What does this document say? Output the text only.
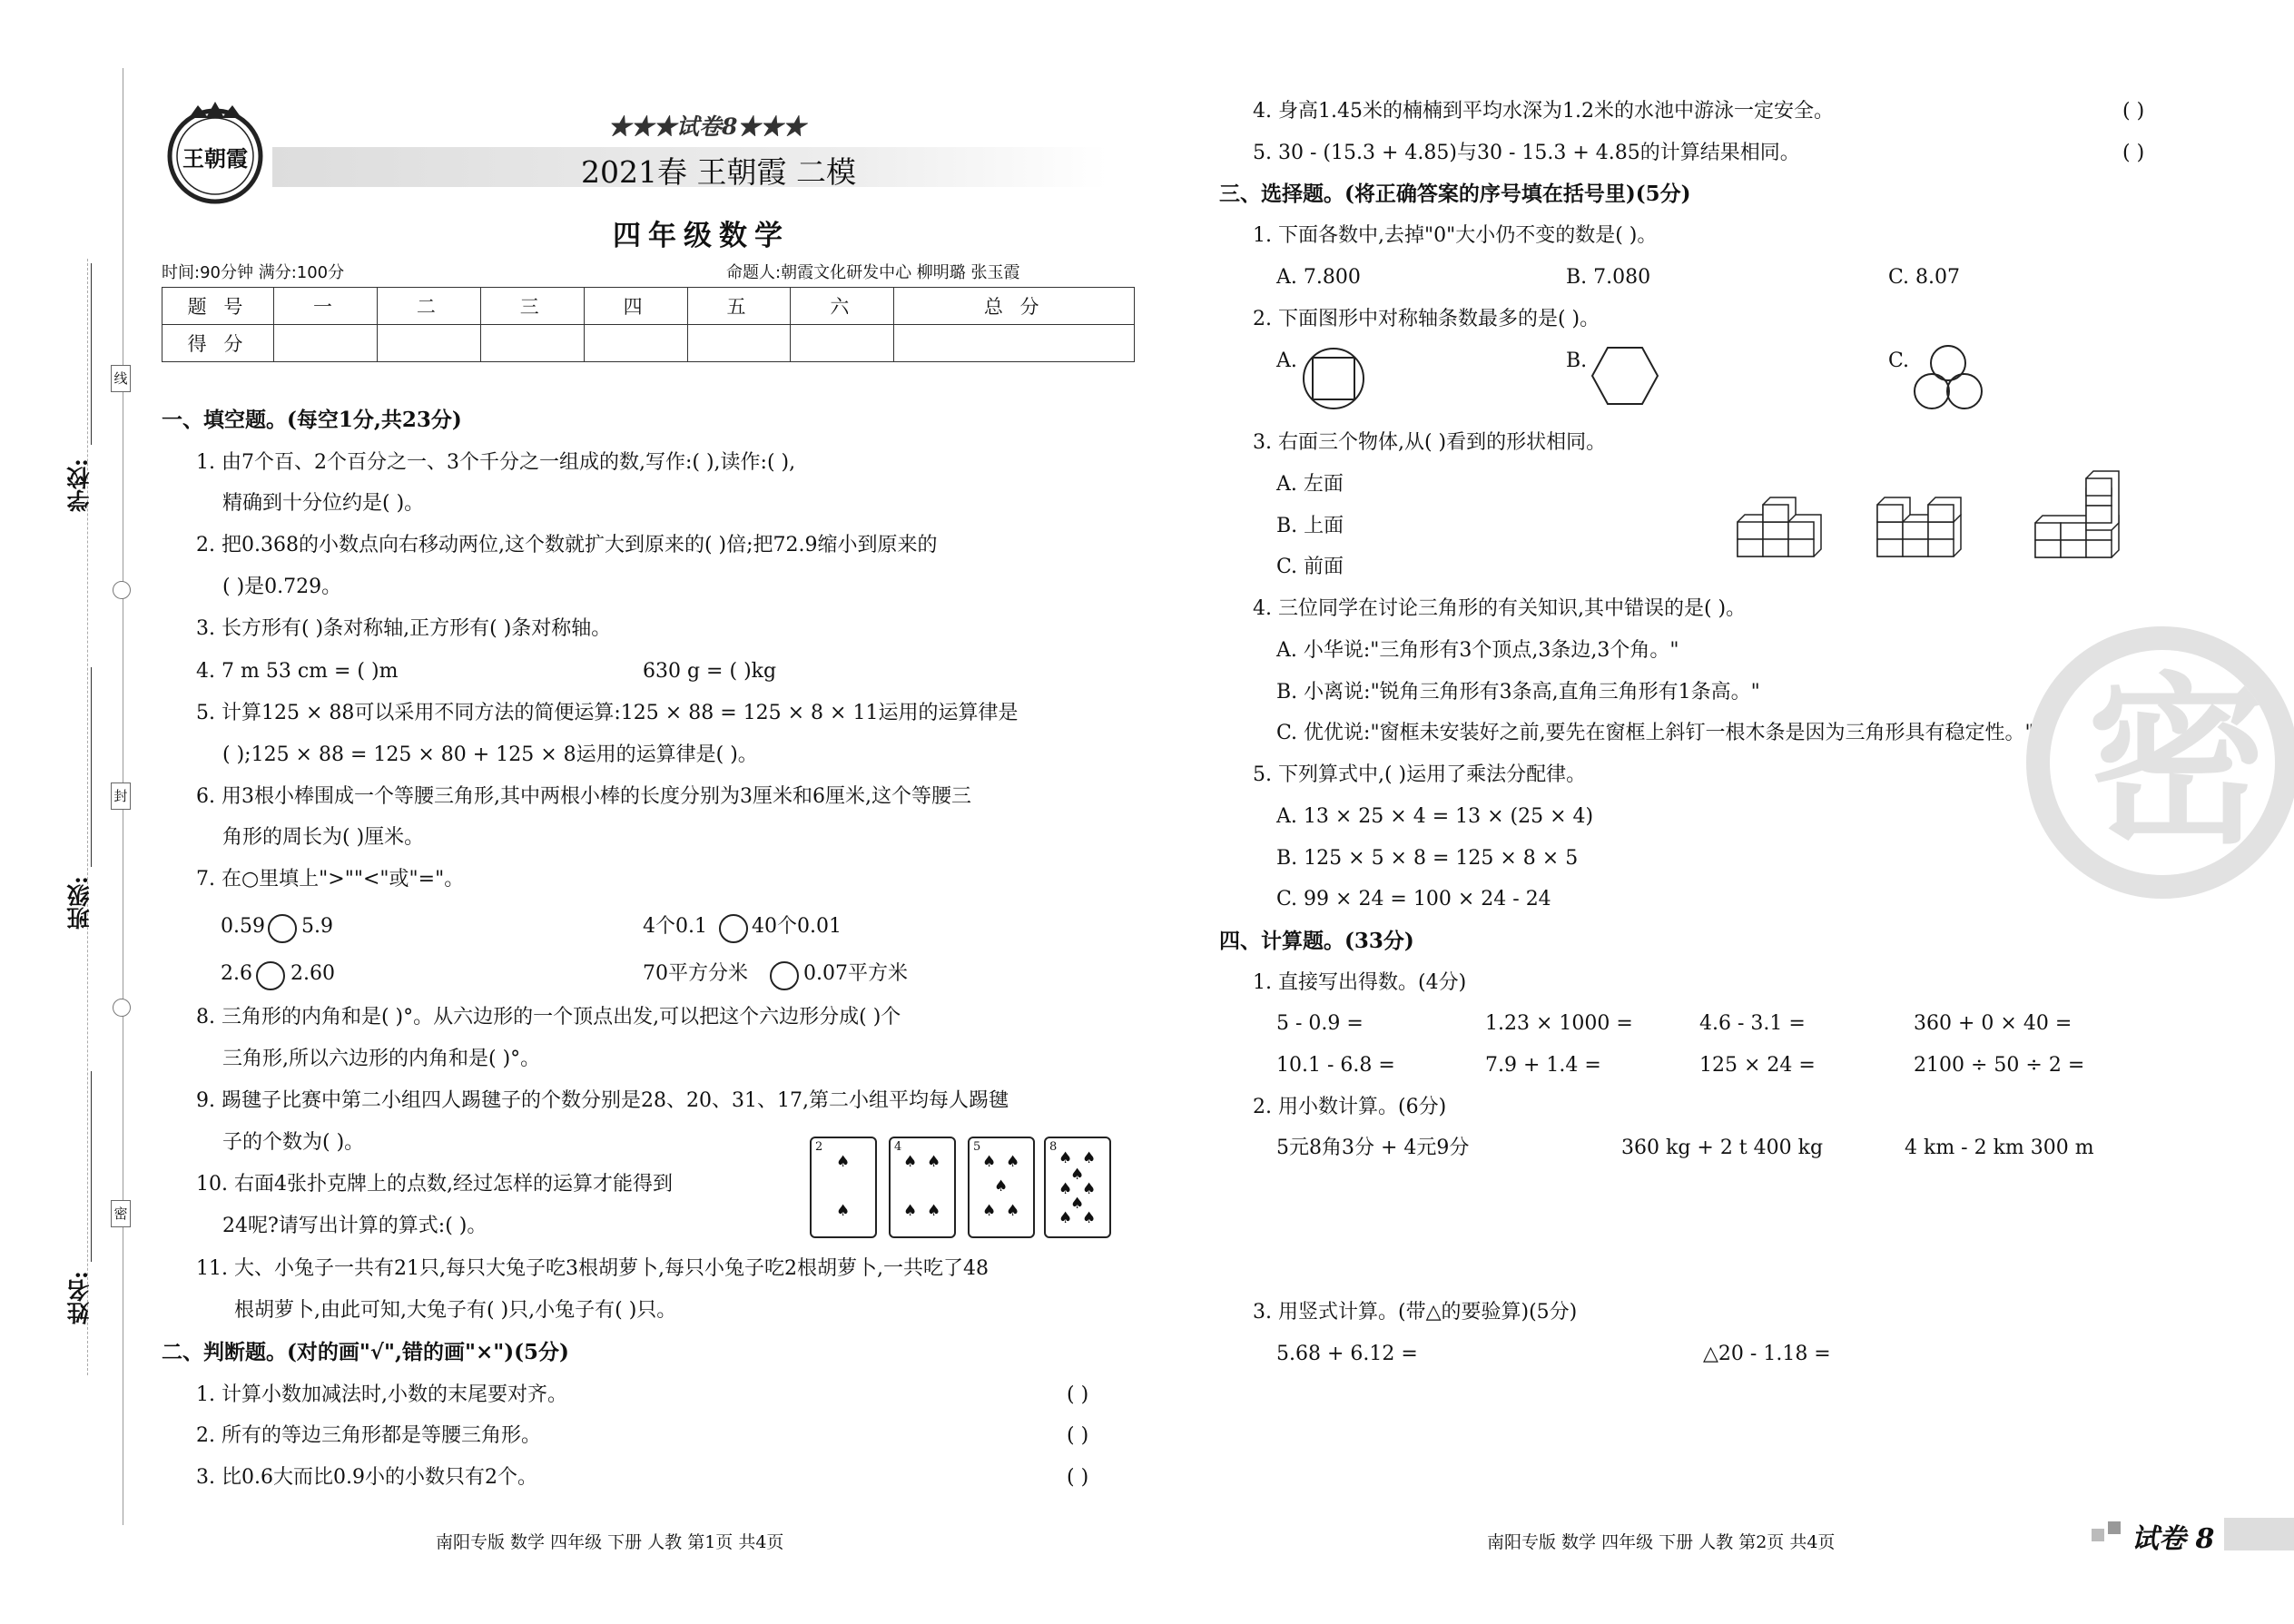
线
封
密
学校:
班级:
姓名:
王朝霞
★★★试卷8★★★
2021春 王朝霞 二模
四年级数学
时间:90分钟 满分:100分	命题人:朝霞文化研发中心 柳明璐 张玉霞
题 号	一	二	三	四	五	六	总 分
得 分							
一、填空题。(每空1分,共23分)
1. 由7个百、2个百分之一、3个千分之一组成的数,写作:( ),读作:( ),
精确到十分位约是( )。
2. 把0.368的小数点向右移动两位,这个数就扩大到原来的( )倍;把72.9缩小到原来的
( )是0.729。
3. 长方形有( )条对称轴,正方形有( )条对称轴。
4. 7 m 53 cm = ( )m	630 g = ( )kg
5. 计算125 × 88可以采用不同方法的简便运算:125 × 88 = 125 × 8 × 11运用的运算律是
( );125 × 88 = 125 × 80 + 125 × 8运用的运算律是( )。
6. 用3根小棒围成一个等腰三角形,其中两根小棒的长度分别为3厘米和6厘米,这个等腰三
角形的周长为( )厘米。
7. 在○里填上">""<"或"="。
0.59 5.9	4个0.1 40个0.01
2.6 2.60	70平方分米	0.07平方米
8. 三角形的内角和是( )°。从六边形的一个顶点出发,可以把这个六边形分成( )个
三角形,所以六边形的内角和是( )°。
9. 踢毽子比赛中第二小组四人踢毽子的个数分别是28、20、31、17,第二小组平均每人踢毽
子的个数为( )。
10. 右面4张扑克牌上的点数,经过怎样的运算才能得到
24呢?请写出计算的算式:( )。
2
♠
♠
4
♠ ♠
♠ ♠
5
♠ ♠
♠
♠ ♠
8
♠ ♠
♠
♠ ♠
♠
♠ ♠
11. 大、小兔子一共有21只,每只大兔子吃3根胡萝卜,每只小兔子吃2根胡萝卜,一共吃了48
根胡萝卜,由此可知,大兔子有( )只,小兔子有( )只。
二、判断题。(对的画"√",错的画"×")(5分)
1. 计算小数加减法时,小数的末尾要对齐。	( )
2. 所有的等边三角形都是等腰三角形。	( )
3. 比0.6大而比0.9小的小数只有2个。	( )
南阳专版 数学 四年级 下册 人教 第1页 共4页
4. 身高1.45米的楠楠到平均水深为1.2米的水池中游泳一定安全。	( )
5. 30 - (15.3 + 4.85)与30 - 15.3 + 4.85的计算结果相同。	( )
三、选择题。(将正确答案的序号填在括号里)(5分)
1. 下面各数中,去掉"0"大小仍不变的数是( )。
A. 7.800	B. 7.080	C. 8.07
2. 下面图形中对称轴条数最多的是( )。
A.	B.	C.
3. 右面三个物体,从( )看到的形状相同。
A. 左面
B. 上面
C. 前面
4. 三位同学在讨论三角形的有关知识,其中错误的是( )。
A. 小华说:"三角形有3个顶点,3条边,3个角。"
B. 小离说:"锐角三角形有3条高,直角三角形有1条高。"
C. 优优说:"窗框未安装好之前,要先在窗框上斜钉一根木条是因为三角形具有稳定性。"
5. 下列算式中,( )运用了乘法分配律。
A. 13 × 25 × 4 = 13 × (25 × 4)
B. 125 × 5 × 8 = 125 × 8 × 5
C. 99 × 24 = 100 × 24 - 24
密
四、计算题。(33分)
1. 直接写出得数。(4分)
5 - 0.9 =	1.23 × 1000 =	4.6 - 3.1 =	360 + 0 × 40 =
10.1 - 6.8 =	7.9 + 1.4 =	125 × 24 =	2100 ÷ 50 ÷ 2 =
2. 用小数计算。(6分)
5元8角3分 + 4元9分	360 kg + 2 t 400 kg	4 km - 2 km 300 m
3. 用竖式计算。(带△的要验算)(5分)
5.68 + 6.12 =	△20 - 1.18 =
南阳专版 数学 四年级 下册 人教 第2页 共4页	试卷 8
